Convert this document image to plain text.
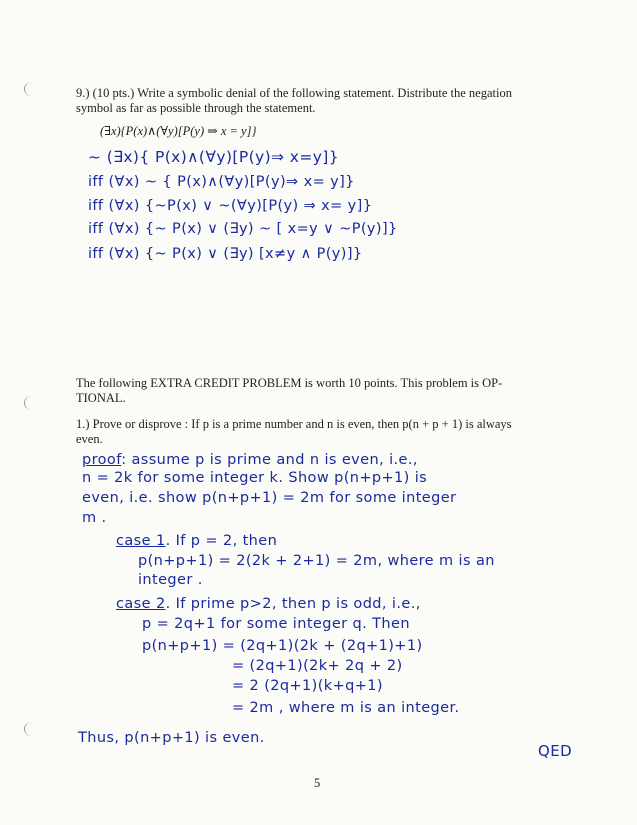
9.) (10 pts.) Write a symbolic denial of the following statement. Distribute the negation
symbol as far as possible through the statement.
(∃x){P(x)∧(∀y)[P(y) ⇒ x = y]}
~ (∃x){ P(x)∧(∀y)[P(y)⇒ x=y]}
iff (∀x) ~ { P(x)∧(∀y)[P(y)⇒ x= y]}
iff (∀x) {~P(x) ∨ ~(∀y)[P(y) ⇒ x= y]}
iff (∀x) {~ P(x) ∨ (∃y) ~ [ x=y ∨ ~P(y)]}
iff (∀x) {~ P(x) ∨ (∃y) [x≠y ∧ P(y)]}
The following EXTRA CREDIT PROBLEM is worth 10 points. This problem is OP-
TIONAL.
1.) Prove or disprove : If p is a prime number and n is even, then p(n + p + 1) is always
even.
proof: assume p is prime and n is even, i.e.,
n = 2k for some integer k. Show p(n+p+1) is
even, i.e. show p(n+p+1) = 2m for some integer
m .
case 1. If p = 2, then
p(n+p+1) = 2(2k + 2+1) = 2m, where m is an
integer .
case 2. If prime p>2, then p is odd, i.e.,
p = 2q+1 for some integer q. Then
p(n+p+1) = (2q+1)(2k + (2q+1)+1)
= (2q+1)(2k+ 2q + 2)
= 2 (2q+1)(k+q+1)
= 2m , where m is an integer.
Thus, p(n+p+1) is even.
QED
5
